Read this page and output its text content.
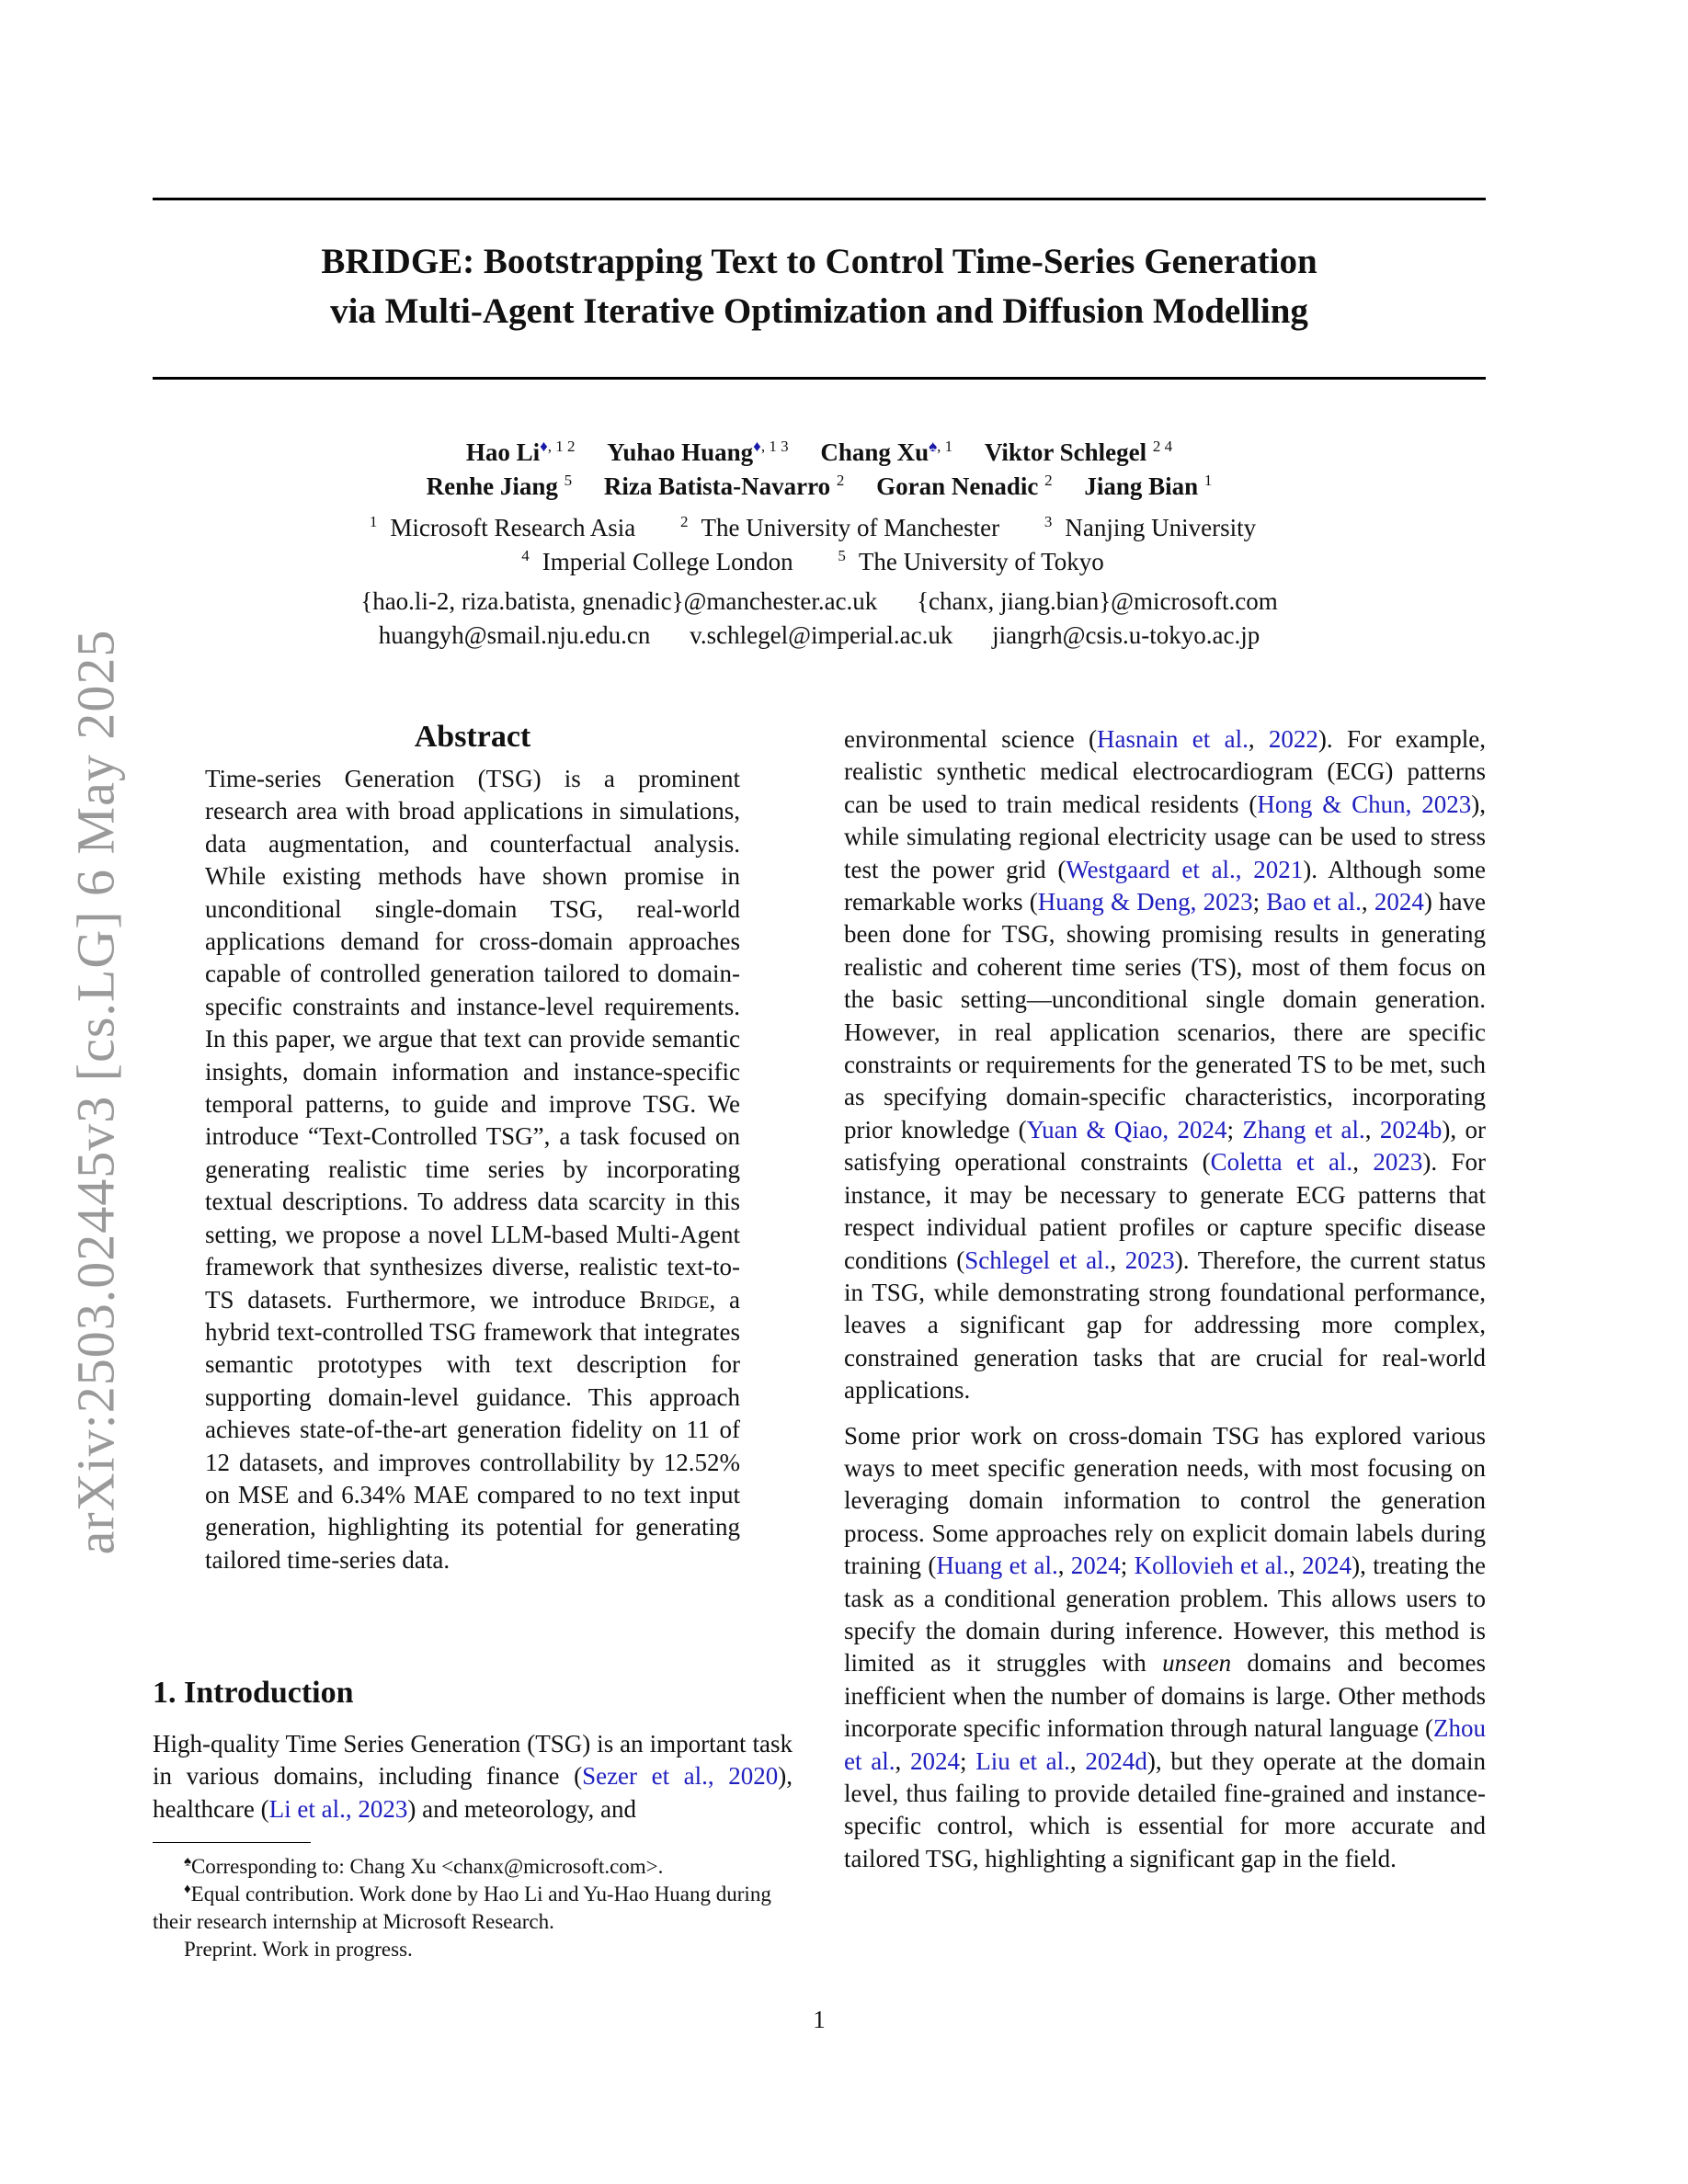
arXiv:2503.02445v3 [cs.LG] 6 May 2025
BRIDGE: Bootstrapping Text to Control Time-Series Generation
via Multi-Agent Iterative Optimization and Diffusion Modelling
Hao $Li^{♦, 1 2}$ Yuhao Huang$^{♦, 1 3}$ Chang $Xu^{♠, 1}$ Viktor Schlegel $^{2 4}$
Renhe Jiang $^5$ Riza Batista-Navarro $^2$ Goran Nenadic $^2$ Jiang Bian $^1$
$^1$ Microsoft Research Asia	$^2$ The University of Manchester	$^3$ Nanjing University
$^4$ Imperial College London	$^5$ The University of Tokyo
{hao.li-2, riza.batista, gnenadic}@manchester.ac.uk {chanx, jiang.bian}@microsoft.com
huangyh@smail.nju.edu.cn v.schlegel@imperial.ac.uk jiangrh@csis.u-tokyo.ac.jp
Abstract

Time-series Generation (TSG) is a prominent research area with broad applications in simulations, data augmentation, and counterfactual analysis. While existing methods have shown promise in unconditional single-domain TSG, real-world applications demand for cross-domain approaches capable of controlled generation tailored to domain-specific constraints and instance-level requirements. In this paper, we argue that text can provide semantic insights, domain information and instance-specific temporal patterns, to guide and improve TSG. We introduce “Text-Controlled TSG”, a task focused on generating realistic time series by incorporating textual descriptions. To address data scarcity in this setting, we propose a novel LLM-based Multi-Agent framework that synthesizes diverse, realistic text-to-TS datasets. Furthermore, we introduce Bridge, a hybrid text-controlled TSG framework that integrates semantic prototypes with text description for supporting domain-level guidance. This approach achieves state-of-the-art generation fidelity on 11 of 12 datasets, and improves controllability by 12.52% on MSE and 6.34% MAE compared to no text input generation, highlighting its potential for generating tailored time-series data.

1. Introduction

High-quality Time Series Generation (TSG) is an important task in various domains, including finance (Sezer et al., 2020), healthcare (Li et al., 2023) and meteorology, and

♠Corresponding to: Chang Xu <chanx@microsoft.com>.
♦Equal contribution. Work done by Hao Li and Yu-Hao Huang during their research internship at Microsoft Research.
Preprint. Work in progress.

environmental science (Hasnain et al., 2022). For example, realistic synthetic medical electrocardiogram (ECG) patterns can be used to train medical residents (Hong & Chun, 2023), while simulating regional electricity usage can be used to stress test the power grid (Westgaard et al., 2021). Although some remarkable works (Huang & Deng, 2023; Bao et al., 2024) have been done for TSG, showing promising results in generating realistic and coherent time series (TS), most of them focus on the basic setting—unconditional single domain generation. However, in real application scenarios, there are specific constraints or requirements for the generated TS to be met, such as specifying domain-specific characteristics, incorporating prior knowledge (Yuan & Qiao, 2024; Zhang et al., 2024b), or satisfying operational constraints (Coletta et al., 2023). For instance, it may be necessary to generate ECG patterns that respect individual patient profiles or capture specific disease conditions (Schlegel et al., 2023). Therefore, the current status in TSG, while demonstrating strong foundational performance, leaves a significant gap for addressing more complex, constrained generation tasks that are crucial for real-world applications.

Some prior work on cross-domain TSG has explored various ways to meet specific generation needs, with most focusing on leveraging domain information to control the generation process. Some approaches rely on explicit domain labels during training (Huang et al., 2024; Kollovieh et al., 2024), treating the task as a conditional generation problem. This allows users to specify the domain during inference. However, this method is limited as it struggles with unseen domains and becomes inefficient when the number of domains is large. Other methods incorporate specific information through natural language (Zhou et al., 2024; Liu et al., 2024d), but they operate at the domain level, thus failing to provide detailed fine-grained and instance-specific control, which is essential for more accurate and tailored TSG, highlighting a significant gap in the field.

1
